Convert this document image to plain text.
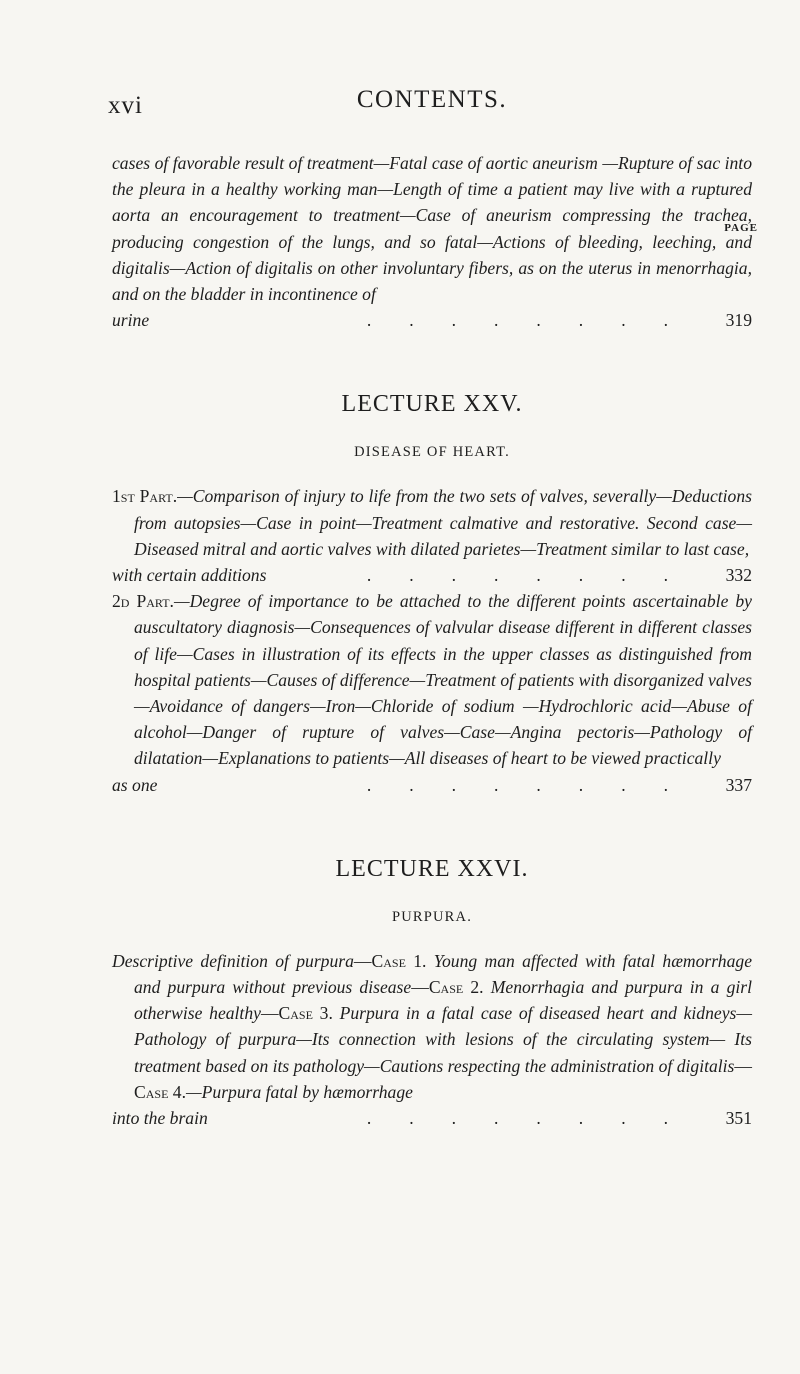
xvi	CONTENTS.
PAGE
cases of favorable result of treatment—Fatal case of aortic aneurism —Rupture of sac into the pleura in a healthy working man—Length of time a patient may live with a ruptured aorta an encouragement to treatment—Case of aneurism compressing the trachea, producing congestion of the lungs, and so fatal—Actions of bleeding, leeching, and digitalis—Action of digitalis on other involuntary fibers, as on the uterus in menorrhagia, and on the bladder in incontinence of
urine	........	319
LECTURE XXV.
DISEASE OF HEART.
1st Part.—Comparison of injury to life from the two sets of valves, severally—Deductions from autopsies—Case in point—Treatment calmative and restorative. Second case—Diseased mitral and aortic valves with dilated parietes—Treatment similar to last case,
with certain additions	........	332
2d Part.—Degree of importance to be attached to the different points ascertainable by auscultatory diagnosis—Consequences of valvular disease different in different classes of life—Cases in illustration of its effects in the upper classes as distinguished from hospital patients—Causes of difference—Treatment of patients with disorganized valves—Avoidance of dangers—Iron—Chloride of sodium —Hydrochloric acid—Abuse of alcohol—Danger of rupture of valves—Case—Angina pectoris—Pathology of dilatation—Explanations to patients—All diseases of heart to be viewed practically
as one	........	337
LECTURE XXVI.
PURPURA.
Descriptive definition of purpura—Case 1. Young man affected with fatal hæmorrhage and purpura without previous disease—Case 2. Menorrhagia and purpura in a girl otherwise healthy—Case 3. Purpura in a fatal case of diseased heart and kidneys—Pathology of purpura—Its connection with lesions of the circulating system— Its treatment based on its pathology—Cautions respecting the administration of digitalis—Case 4.—Purpura fatal by hæmorrhage
into the brain	........	351
